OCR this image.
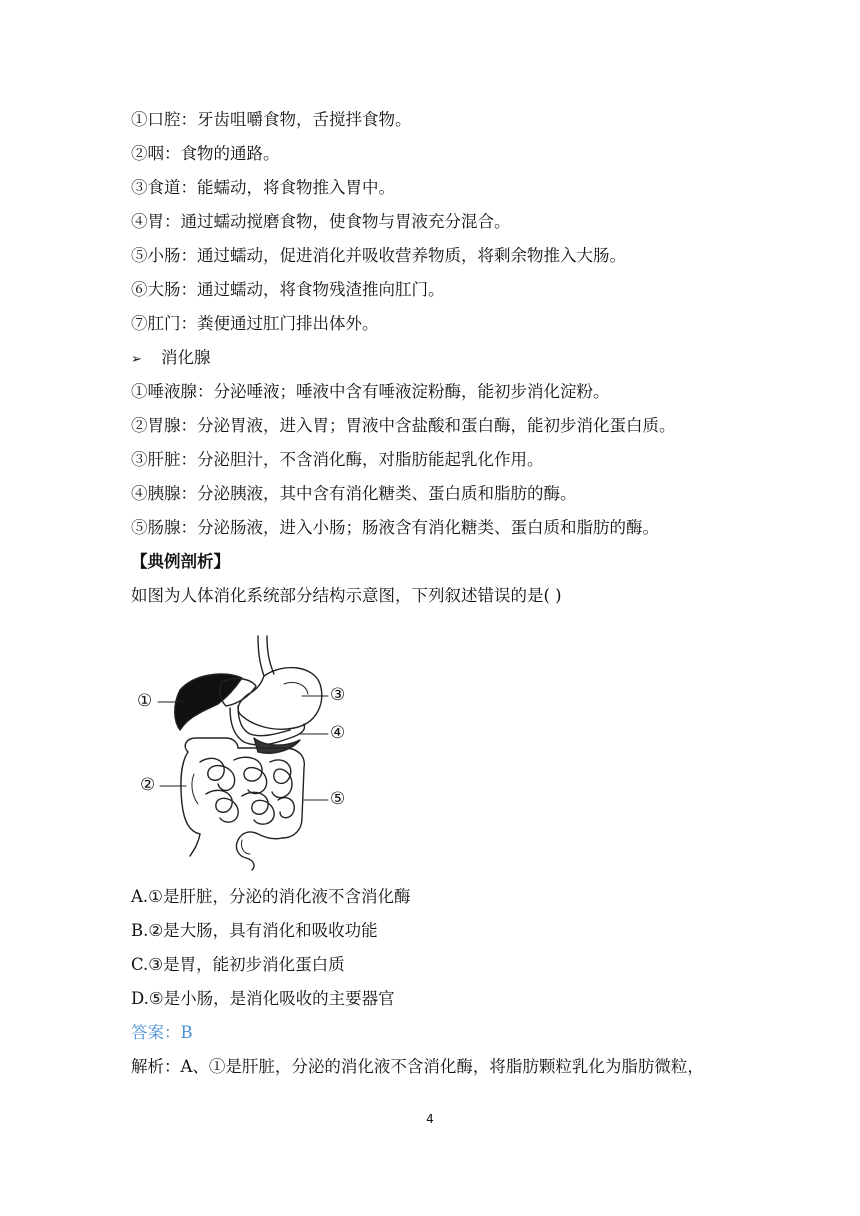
①口腔：牙齿咀嚼食物，舌搅拌食物。
②咽：食物的通路。
③食道：能蠕动，将食物推入胃中。
④胃：通过蠕动搅磨食物，使食物与胃液充分混合。
⑤小肠：通过蠕动，促进消化并吸收营养物质，将剩余物推入大肠。
⑥大肠：通过蠕动，将食物残渣推向肛门。
⑦肛门：粪便通过肛门排出体外。
➢ 消化腺
①唾液腺：分泌唾液；唾液中含有唾液淀粉酶，能初步消化淀粉。
②胃腺：分泌胃液，进入胃；胃液中含盐酸和蛋白酶，能初步消化蛋白质。
③肝脏：分泌胆汁，不含消化酶，对脂肪能起乳化作用。
④胰腺：分泌胰液，其中含有消化糖类、蛋白质和脂肪的酶。
⑤肠腺：分泌肠液，进入小肠；肠液含有消化糖类、蛋白质和脂肪的酶。
【典例剖析】
如图为人体消化系统部分结构示意图，下列叙述错误的是( )
①
②
③
④
⑤
A.①是肝脏，分泌的消化液不含消化酶
B.②是大肠，具有消化和吸收功能
C.③是胃，能初步消化蛋白质
D.⑤是小肠，是消化吸收的主要器官
答案：B
解析：A、①是肝脏，分泌的消化液不含消化酶，将脂肪颗粒乳化为脂肪微粒，
4
